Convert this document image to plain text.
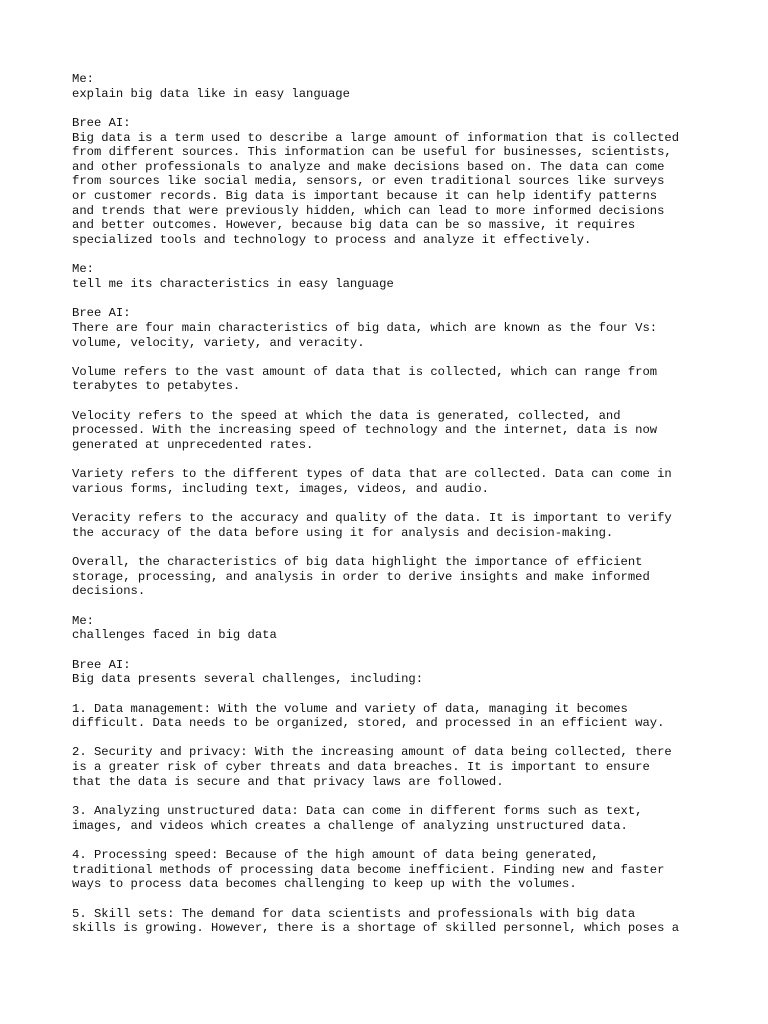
Me:
explain big data like in easy language
Bree AI:
Big data is a term used to describe a large amount of information that is collected
from different sources. This information can be useful for businesses, scientists,
and other professionals to analyze and make decisions based on. The data can come
from sources like social media, sensors, or even traditional sources like surveys
or customer records. Big data is important because it can help identify patterns
and trends that were previously hidden, which can lead to more informed decisions
and better outcomes. However, because big data can be so massive, it requires
specialized tools and technology to process and analyze it effectively.
Me:
tell me its characteristics in easy language
Bree AI:
There are four main characteristics of big data, which are known as the four Vs:
volume, velocity, variety, and veracity.
Volume refers to the vast amount of data that is collected, which can range from
terabytes to petabytes.
Velocity refers to the speed at which the data is generated, collected, and
processed. With the increasing speed of technology and the internet, data is now
generated at unprecedented rates.
Variety refers to the different types of data that are collected. Data can come in
various forms, including text, images, videos, and audio.
Veracity refers to the accuracy and quality of the data. It is important to verify
the accuracy of the data before using it for analysis and decision-making.
Overall, the characteristics of big data highlight the importance of efficient
storage, processing, and analysis in order to derive insights and make informed
decisions.
Me:
challenges faced in big data
Bree AI:
Big data presents several challenges, including:
1. Data management: With the volume and variety of data, managing it becomes
difficult. Data needs to be organized, stored, and processed in an efficient way.
2. Security and privacy: With the increasing amount of data being collected, there
is a greater risk of cyber threats and data breaches. It is important to ensure
that the data is secure and that privacy laws are followed.
3. Analyzing unstructured data: Data can come in different forms such as text,
images, and videos which creates a challenge of analyzing unstructured data.
4. Processing speed: Because of the high amount of data being generated,
traditional methods of processing data become inefficient. Finding new and faster
ways to process data becomes challenging to keep up with the volumes.
5. Skill sets: The demand for data scientists and professionals with big data
skills is growing. However, there is a shortage of skilled personnel, which poses a
